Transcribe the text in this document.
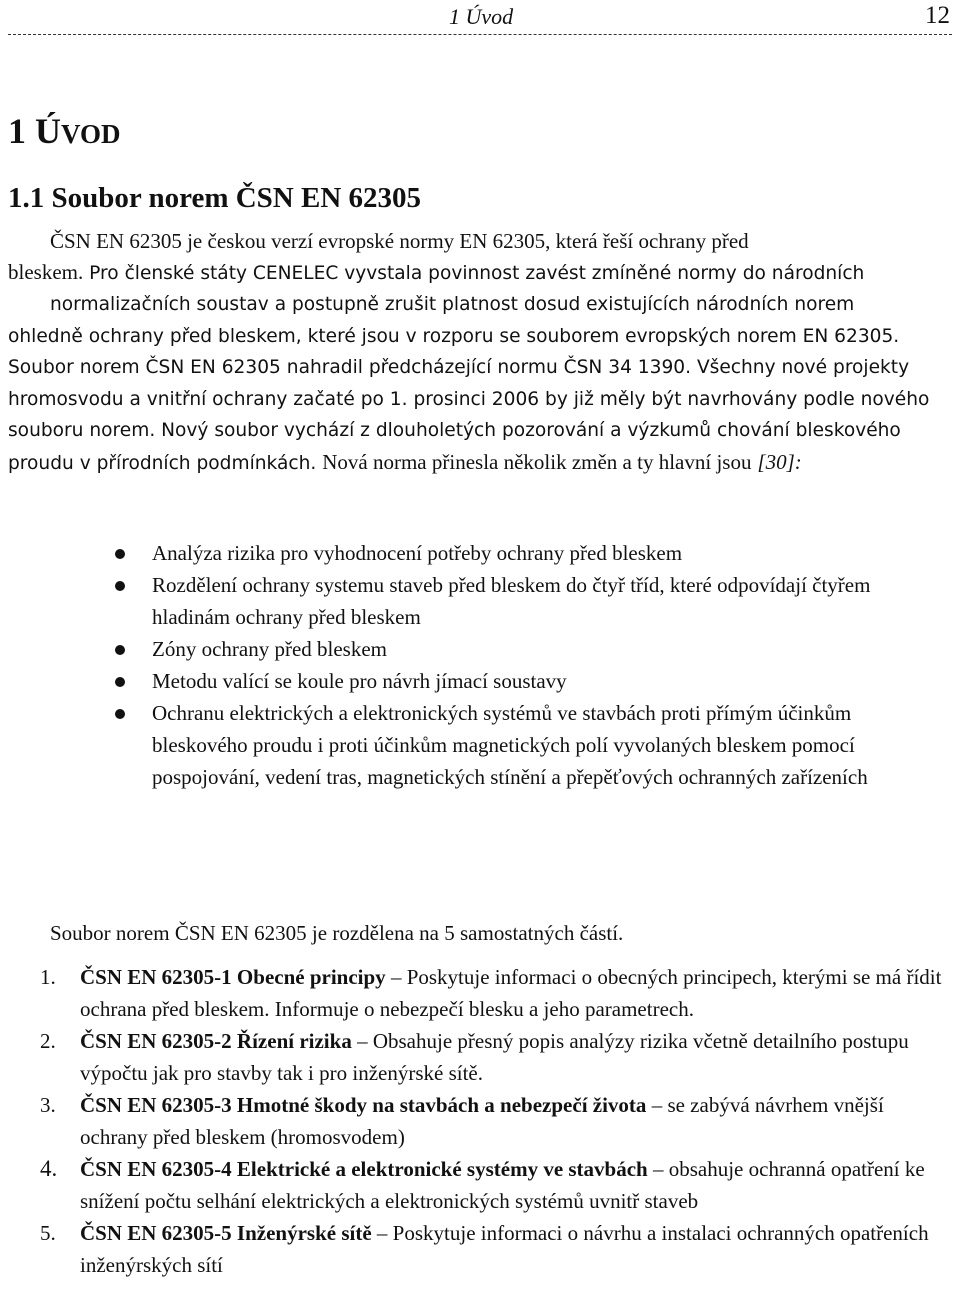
1 Úvod	12
1 ÚVOD
1.1 Soubor norem ČSN EN 62305

ČSN EN 62305 je českou verzí evropské normy EN 62305, která řeší ochrany před

bleskem. Pro členské státy CENELEC vyvstala povinnost zavést zmíněné normy do národních

normalizačních soustav a postupně zrušit platnost dosud existujících národních norem
ohledně ochrany před bleskem, které jsou v rozporu se souborem evropských norem EN 62305. Soubor norem ČSN EN 62305 nahradil předcházející normu ČSN 34 1390. Všechny nové projekty hromosvodu a vnitřní ochrany začaté po 1. prosinci 2006 by již měly být navrhovány podle nového souboru norem. Nový soubor vychází z dlouholetých pozorování a výzkumů chování bleskového proudu v přírodních podmínkách. Nová norma přinesla několik změn a ty hlavní jsou [30]:

Analýza rizika pro vyhodnocení potřeby ochrany před bleskem
Rozdělení ochrany systemu staveb před bleskem do čtyř tříd, které odpovídají čtyřem hladinám ochrany před bleskem
Zóny ochrany před bleskem
Metodu valící se koule pro návrh jímací soustavy
Ochranu elektrických a elektronických systémů ve stavbách proti přímým účinkům bleskového proudu i proti účinkům magnetických polí vyvolaných bleskem pomocí pospojování, vedení tras, magnetických stínění a přepěťových ochranných zařízeních

Soubor norem ČSN EN 62305 je rozdělena na 5 samostatných částí.

1. ČSN EN 62305-1 Obecné principy – Poskytuje informaci o obecných principech, kterými se má řídit ochrana před bleskem. Informuje o nebezpečí blesku a jeho parametrech.
2. ČSN EN 62305-2 Řízení rizika – Obsahuje přesný popis analýzy rizika včetně detailního postupu výpočtu jak pro stavby tak i pro inženýrské sítě.
3. ČSN EN 62305-3 Hmotné škody na stavbách a nebezpečí života – se zabývá návrhem vnější ochrany před bleskem (hromosvodem)
4. ČSN EN 62305-4 Elektrické a elektronické systémy ve stavbách – obsahuje ochranná opatření ke snížení počtu selhání elektrických a elektronických systémů uvnitř staveb
5. ČSN EN 62305-5 Inženýrské sítě – Poskytuje informaci o návrhu a instalaci ochranných opatřeních inženýrských sítí
